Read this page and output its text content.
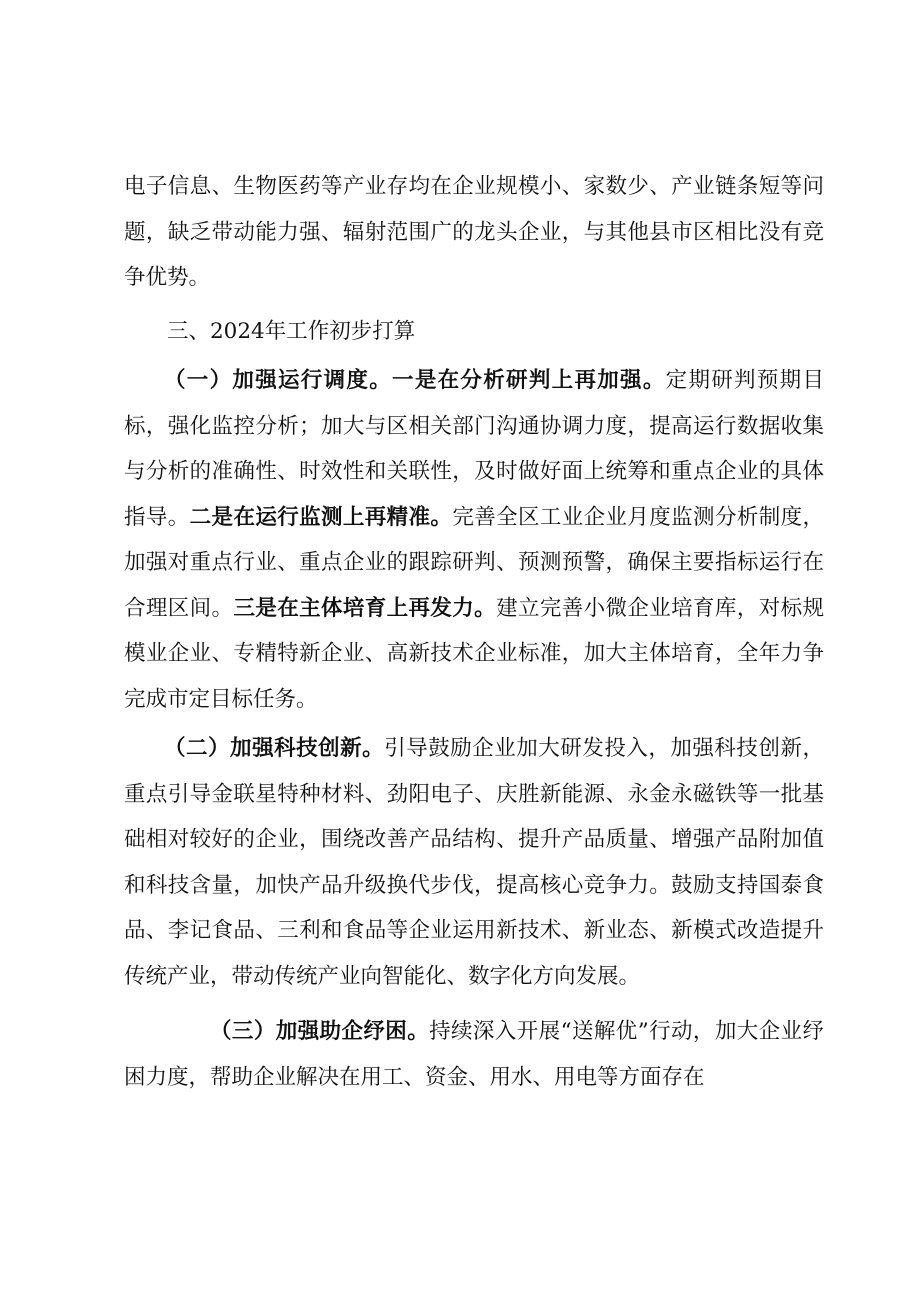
电子信息、生物医药等产业存均在企业规模小、家数少、产业链条短等问题，缺乏带动能力强、辐射范围广的龙头企业，与其他县市区相比没有竞争优势。

三、2024年工作初步打算

（一）加强运行调度。一是在分析研判上再加强。定期研判预期目标，强化监控分析；加大与区相关部门沟通协调力度，提高运行数据收集与分析的准确性、时效性和关联性，及时做好面上统筹和重点企业的具体指导。二是在运行监测上再精准。完善全区工业企业月度监测分析制度，加强对重点行业、重点企业的跟踪研判、预测预警，确保主要指标运行在合理区间。三是在主体培育上再发力。建立完善小微企业培育库，对标规模业企业、专精特新企业、高新技术企业标准，加大主体培育，全年力争完成市定目标任务。

（二）加强科技创新。引导鼓励企业加大研发投入，加强科技创新，重点引导金联星特种材料、劲阳电子、庆胜新能源、永金永磁铁等一批基础相对较好的企业，围绕改善产品结构、提升产品质量、增强产品附加值和科技含量，加快产品升级换代步伐，提高核心竞争力。鼓励支持国泰食品、李记食品、三利和食品等企业运用新技术、新业态、新模式改造提升传统产业，带动传统产业向智能化、数字化方向发展。

（三）加强助企纾困。持续深入开展“送解优”行动，加大企业纾困力度，帮助企业解决在用工、资金、用水、用电等方面存在
